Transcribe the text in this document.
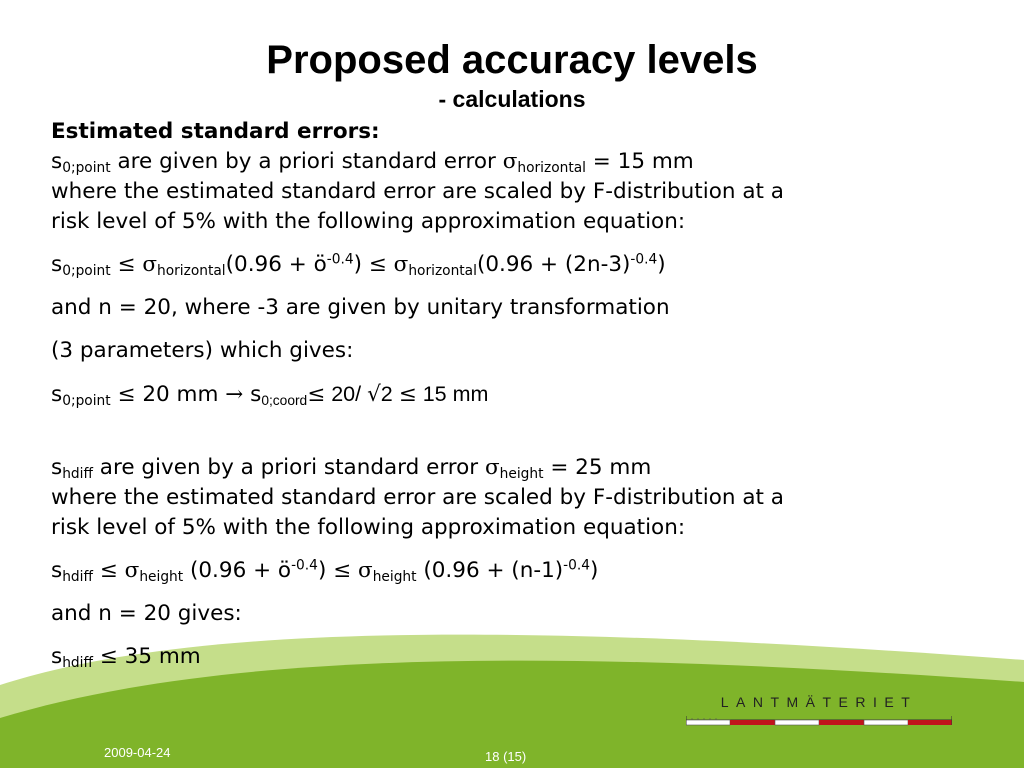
Proposed accuracy levels
- calculations
Estimated standard errors:
$s_{0;point}$ are given by a priori standard error $\sigma_{horizontal} = 15$ mm
where the estimated standard error are scaled by F-distribution at a
risk level of 5% with the following approximation equation:
$s_{0;point} \le \sigma_{horizontal}(0.96$ + $ö^{-0.4}) \le \sigma_{horizontal}(0.96 + (2n-3)^{-0.4})$
and n = 20, where -3 are given by unitary transformation
(3 parameters) which gives:
$s_{0;point} \le 20$ mm → $s_{0;coord}\le 20/$ √2 ≤ 15 mm
$s_{hdiff}$ are given by a priori standard error $\sigma_{height} = 25$ mm
where the estimated standard error are scaled by F-distribution at a
risk level of 5% with the following approximation equation:
$s_{hdiff} \le \sigma_{height}$ $(0.96 + ö^{-0.4}) \le \sigma_{height}$ $(0.96 + (n-1)^{-0.4})$
and n = 20 gives:
$s_{hdiff} \le 35$ mm
LANTMÄTERIET
2009-04-24	18 (15)
